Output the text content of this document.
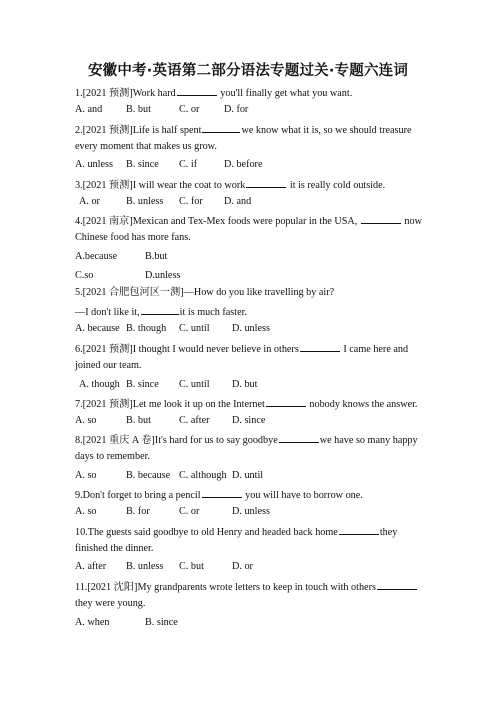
安徽中考·英语第二部分语法专题过关·专题六连词
1.[2021 预测]Work hard	you'll finally get what you want.
A. and B. but	C. or D. for
2.[2021 预测]Life is half spent	we know what it is, so we should treasure
every moment that makes us grow.
A. unless B. since C. if	D. before
3.[2021 预测]I will wear the coat to work	it is really cold outside.
A. or	B. unless C. for D. and
4.[2021 南京]Mexican and Tex-Mex foods were popular in the USA,	now
Chinese food has more fans.
A.because	B.but
C.so	D.unless
5.[2021 合肥包河区一测]—How do you like travelling by air?
—I don't like it,	it is much faster.
A. because B. though C. until D. unless
6.[2021 预测]I thought I would never believe in others	I came here and
joined our team.
A. though B. since C. until D. but
7.[2021 预测]Let me look it up on the Internet	nobody knows the answer.
A. so	B. but	C. after D. since
8.[2021 重庆 A 卷]It's hard for us to say goodbye	we have so many happy
days to remember.
A. so	B. because C. although D. until
9.Don't forget to bring a pencil	you will have to borrow one.
A. so	B. for	C. or	D. unless
10.The guests said goodbye to old Henry and headed back home	they
finished the dinner.
A. after B. unless C. but	D. or
11.[2021 沈阳]My grandparents wrote letters to keep in touch with others
they were young.
A. when	B. since
